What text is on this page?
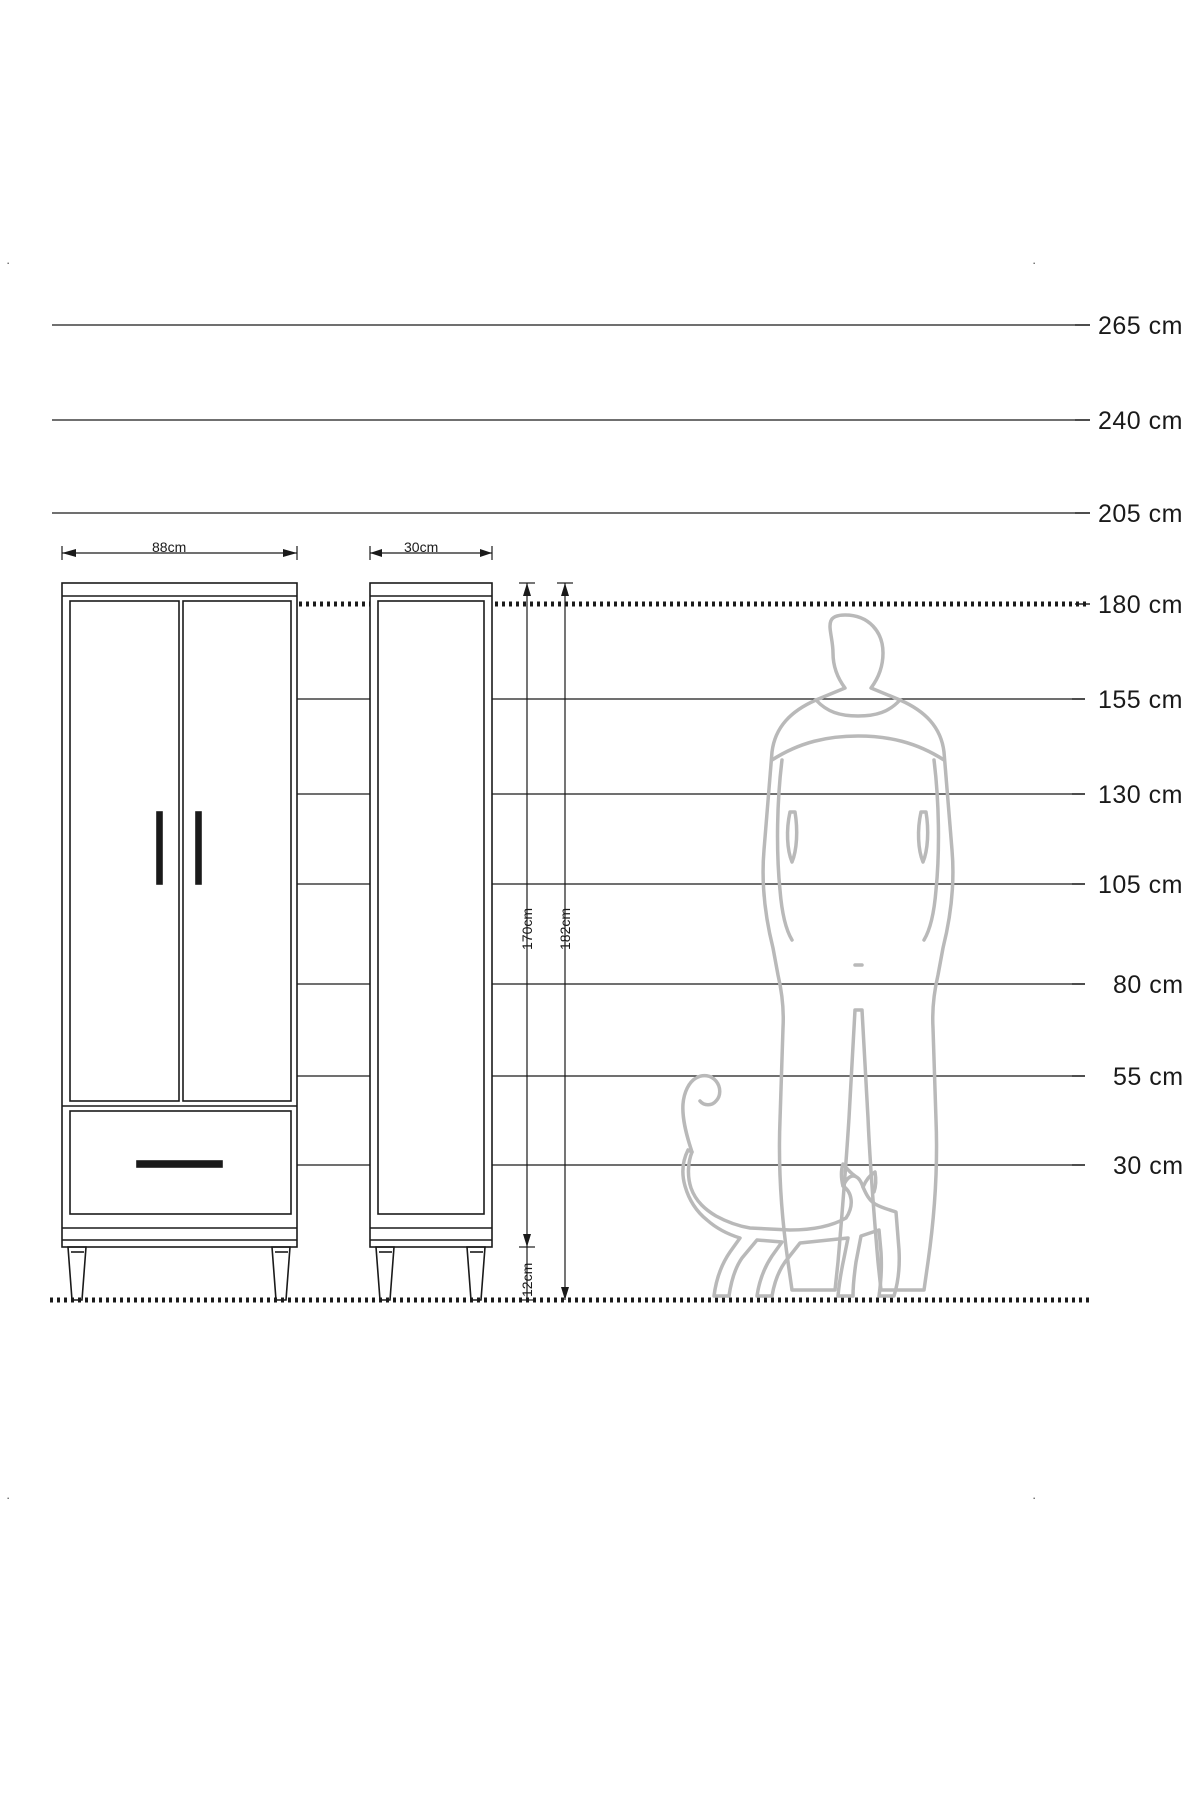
265 cm
240 cm
205 cm
180 cm
155 cm
130 cm
105 cm
80 cm
55 cm
30 cm
88cm	30cm
170cm 182cm
12cm
·	·
·	·
